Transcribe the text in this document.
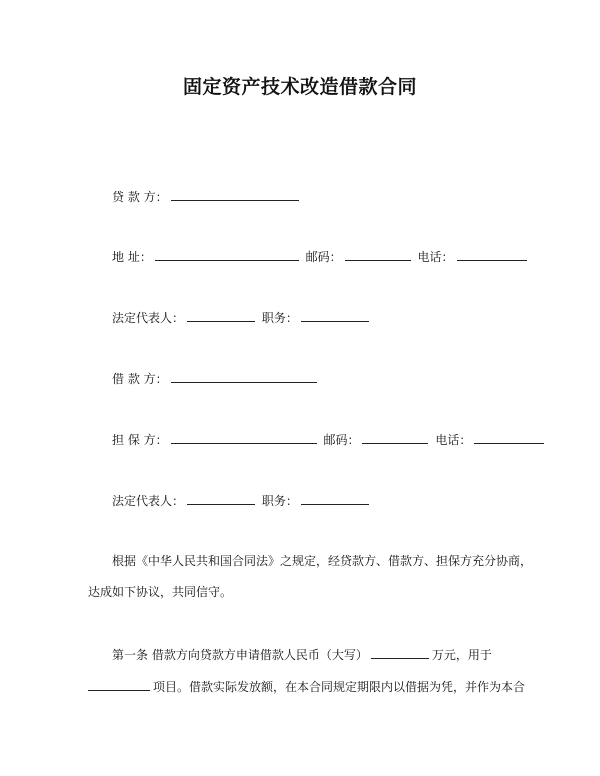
固定资产技术改造借款合同
贷 款 方：
地 址：	邮码：	电话：
法定代表人：	职务：
借 款 方：
担 保 方：	邮码：	电话：
法定代表人：	职务：
根据《中华人民共和国合同法》之规定，经贷款方、借款方、担保方充分协商，
达成如下协议，共同信守。
第一条 借款方向贷款方申请借款人民币（大写）	万元，用于
项目。借款实际发放额，在本合同规定期限内以借据为凭，并作为本合
